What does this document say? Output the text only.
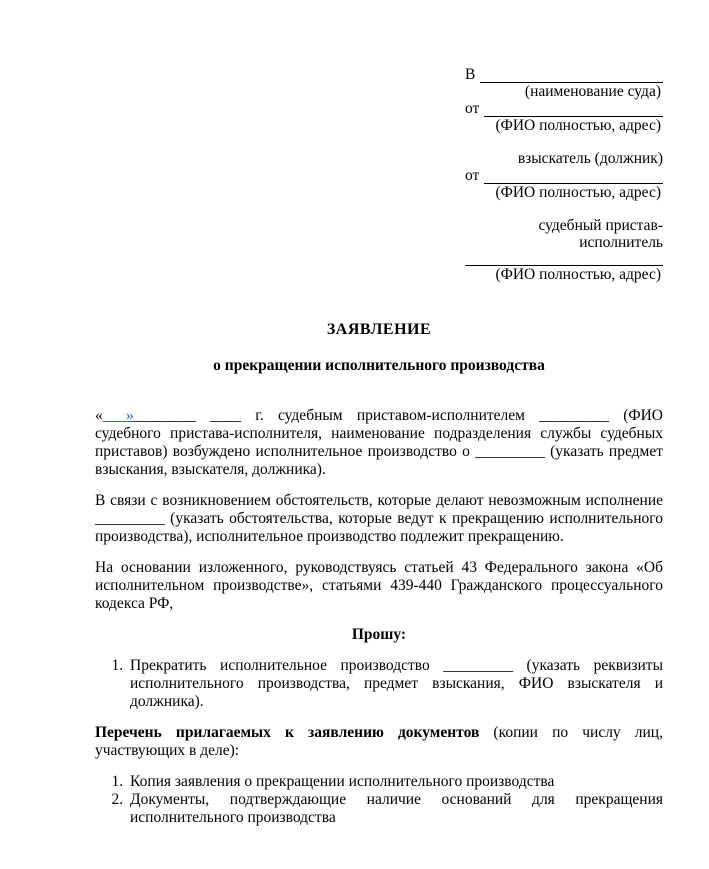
В
(наименование суда)
от
(ФИО полностью, адрес)
взыскатель (должник)
от
(ФИО полностью, адрес)
судебный пристав-исполнитель
(ФИО полностью, адрес)
ЗАЯВЛЕНИЕ
о прекращении исполнительного производства

«___»________ ____ г. судебным приставом-исполнителем _________ (ФИО судебного пристава-исполнителя, наименование подразделения службы судебных приставов) возбуждено исполнительное производство о _________ (указать предмет взыскания, взыскателя, должника).

В связи с возникновением обстоятельств, которые делают невозможным исполнение _________ (указать обстоятельства, которые ведут к прекращению исполнительного производства), исполнительное производство подлежит прекращению.

На основании изложенного, руководствуясь статьей 43 Федерального закона «Об исполнительном производстве», статьями 439-440 Гражданского процессуального кодекса РФ,

Прошу:

1. Прекратить исполнительное производство _________ (указать реквизиты исполнительного производства, предмет взыскания, ФИО взыскателя и должника).

Перечень прилагаемых к заявлению документов (копии по числу лиц, участвующих в деле):

1. Копия заявления о прекращении исполнительного производства
2. Документы, подтверждающие наличие оснований для прекращения исполнительного производства
